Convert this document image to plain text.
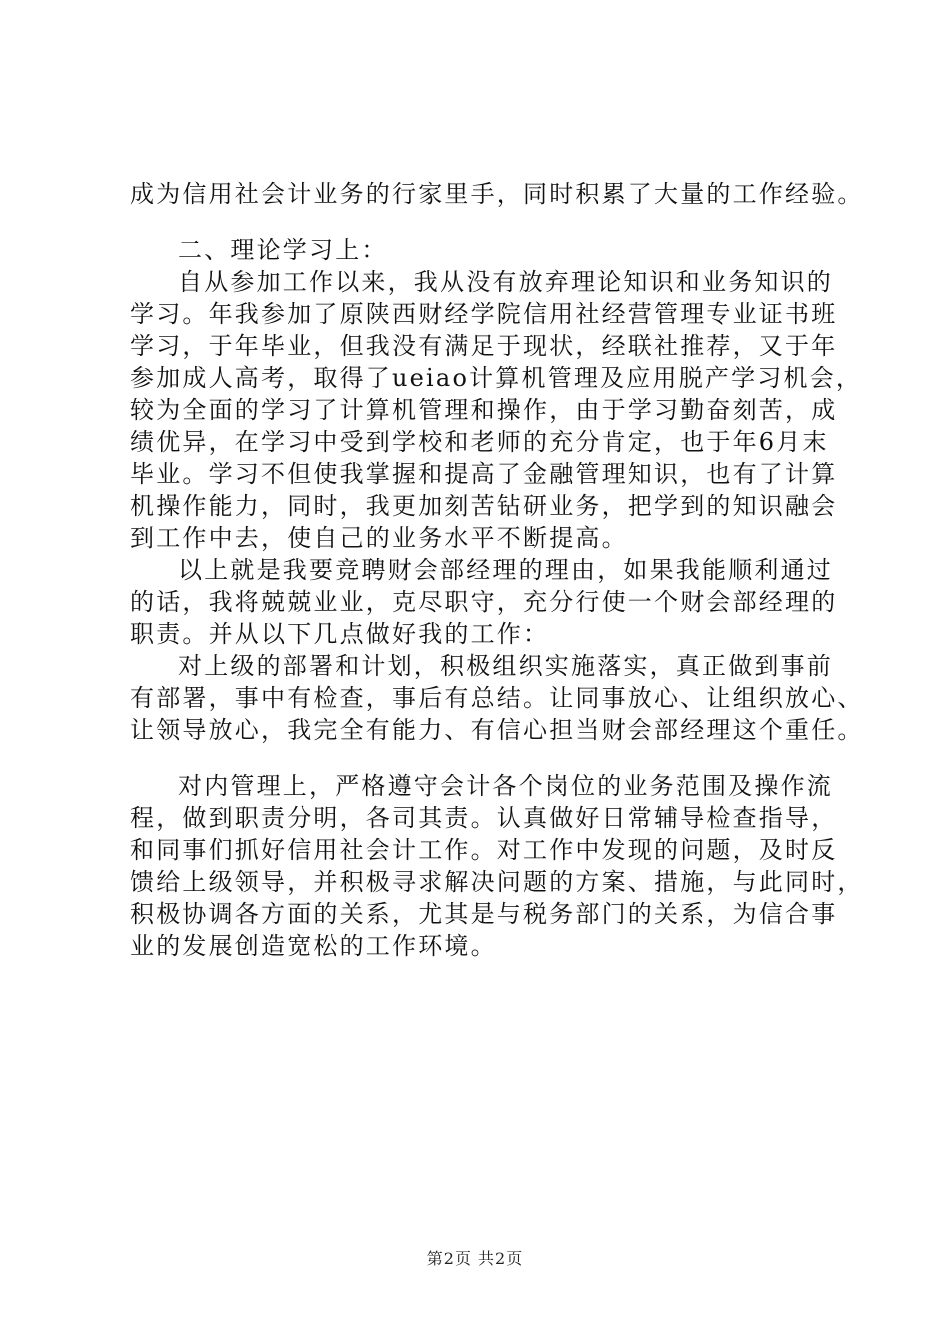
成为信用社会计业务的行家里手，同时积累了大量的工作经验。
二、理论学习上：
自从参加工作以来，我从没有放弃理论知识和业务知识的
学习。年我参加了原陕西财经学院信用社经营管理专业证书班
学习，于年毕业，但我没有满足于现状，经联社推荐，又于年
参加成人高考，取得了ueiao计算机管理及应用脱产学习机会，
较为全面的学习了计算机管理和操作，由于学习勤奋刻苦，成
绩优异，在学习中受到学校和老师的充分肯定，也于年6月末
毕业。学习不但使我掌握和提高了金融管理知识，也有了计算
机操作能力，同时，我更加刻苦钻研业务，把学到的知识融会
到工作中去，使自己的业务水平不断提高。
以上就是我要竞聘财会部经理的理由，如果我能顺利通过
的话，我将兢兢业业，克尽职守，充分行使一个财会部经理的
职责。并从以下几点做好我的工作：
对上级的部署和计划，积极组织实施落实，真正做到事前
有部署，事中有检查，事后有总结。让同事放心、让组织放心、
让领导放心，我完全有能力、有信心担当财会部经理这个重任。
对内管理上，严格遵守会计各个岗位的业务范围及操作流
程，做到职责分明，各司其责。认真做好日常辅导检查指导，
和同事们抓好信用社会计工作。对工作中发现的问题，及时反
馈给上级领导，并积极寻求解决问题的方案、措施，与此同时，
积极协调各方面的关系，尤其是与税务部门的关系，为信合事
业的发展创造宽松的工作环境。
第2页 共2页
